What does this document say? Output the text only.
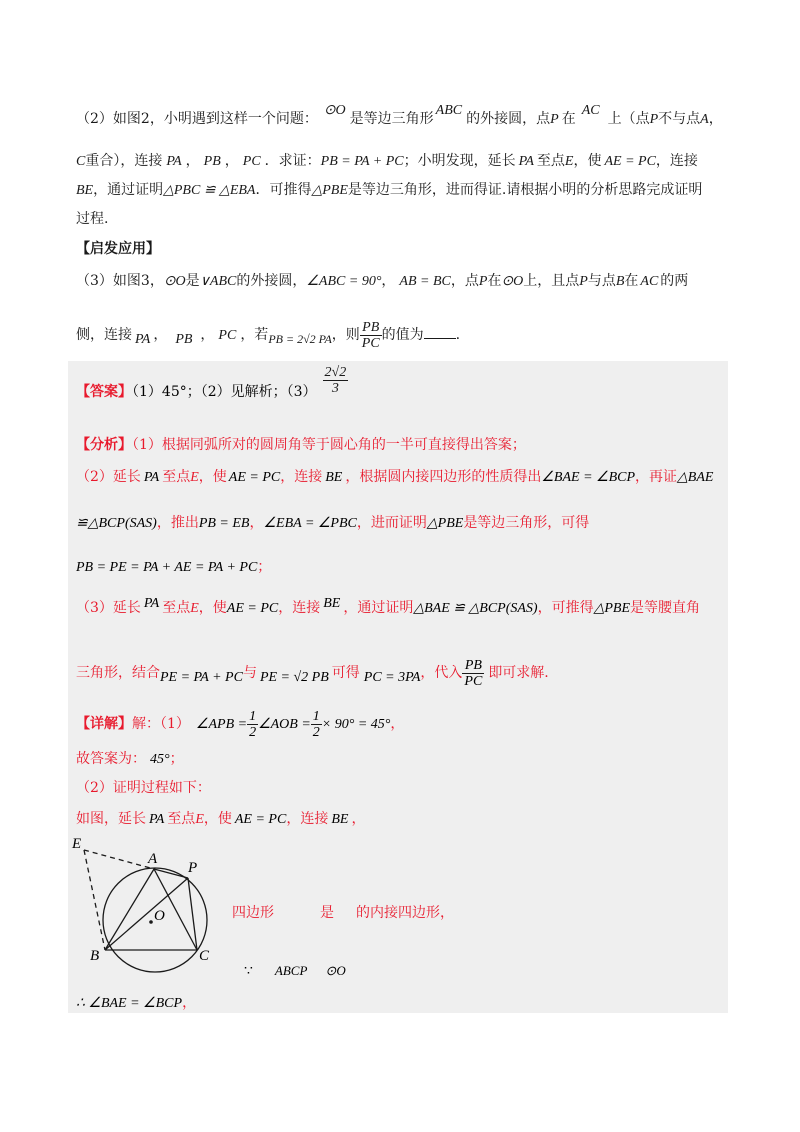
（2）如图2，小明遇到这样一个问题：⊙O是等边三角形ABC的外接圆，点P 在AC上（点P不与点A，
C重合），连接 PA ， PB ， PC ．求证：PB = PA + PC；小明发现，延长 PA 至点E，使 AE = PC，连接
BE，通过证明△PBC ≌ △EBA．可推得△PBE是等边三角形，进而得证.请根据小明的分析思路完成证明
过程.
【启发应用】
（3）如图3，⊙O是∨ABC的外接圆，∠ABC = 90°， AB = BC，点P在⊙O上，且点P与点B在 AC 的两
侧，连接 PA ， PB ， PC ，若PB = 2√2 PA，则 $\frac{PB}{PC}$ 的值为 .
【答案】（1）45°；（2）见解析；$(3) \frac{2√2}{3}$
【分析】（1）根据同弧所对的圆周角等于圆心角的一半可直接得出答案；
（2）延长 PA 至点E，使 AE = PC，连接 BE ，根据圆内接四边形的性质得出∠BAE = ∠BCP，再证△BAE
≌△BCP(SAS)，推出PB = EB，∠EBA = ∠PBC，进而证明△PBE是等边三角形，可得
PB = PE = PA + AE = PA + PC；
（3）延长 PA 至点E，使AE = PC，连接 BE ，通过证明△BAE ≌ △BCP(SAS)，可推得△PBE是等腰直角
三角形，结合PE = PA + PC与 PE = √2 PB 可得 PC = 3PA，代入 $\frac{PB}{PC}$ 即可求解.
【详解】解：（1） ∠APB = $\frac{1}{2}$ ∠AOB = $\frac{1}{2} \times 90^\circ = 45^\circ$，
故答案为： 45°；
（2）证明过程如下：
如图，延长 PA 至点E，使 AE = PC，连接 BE ，
E
A
P
O
B	C
四边形	是 的内接四边形，
∵ ABCP ⊙O
∴ ∠BAE = ∠BCP，
